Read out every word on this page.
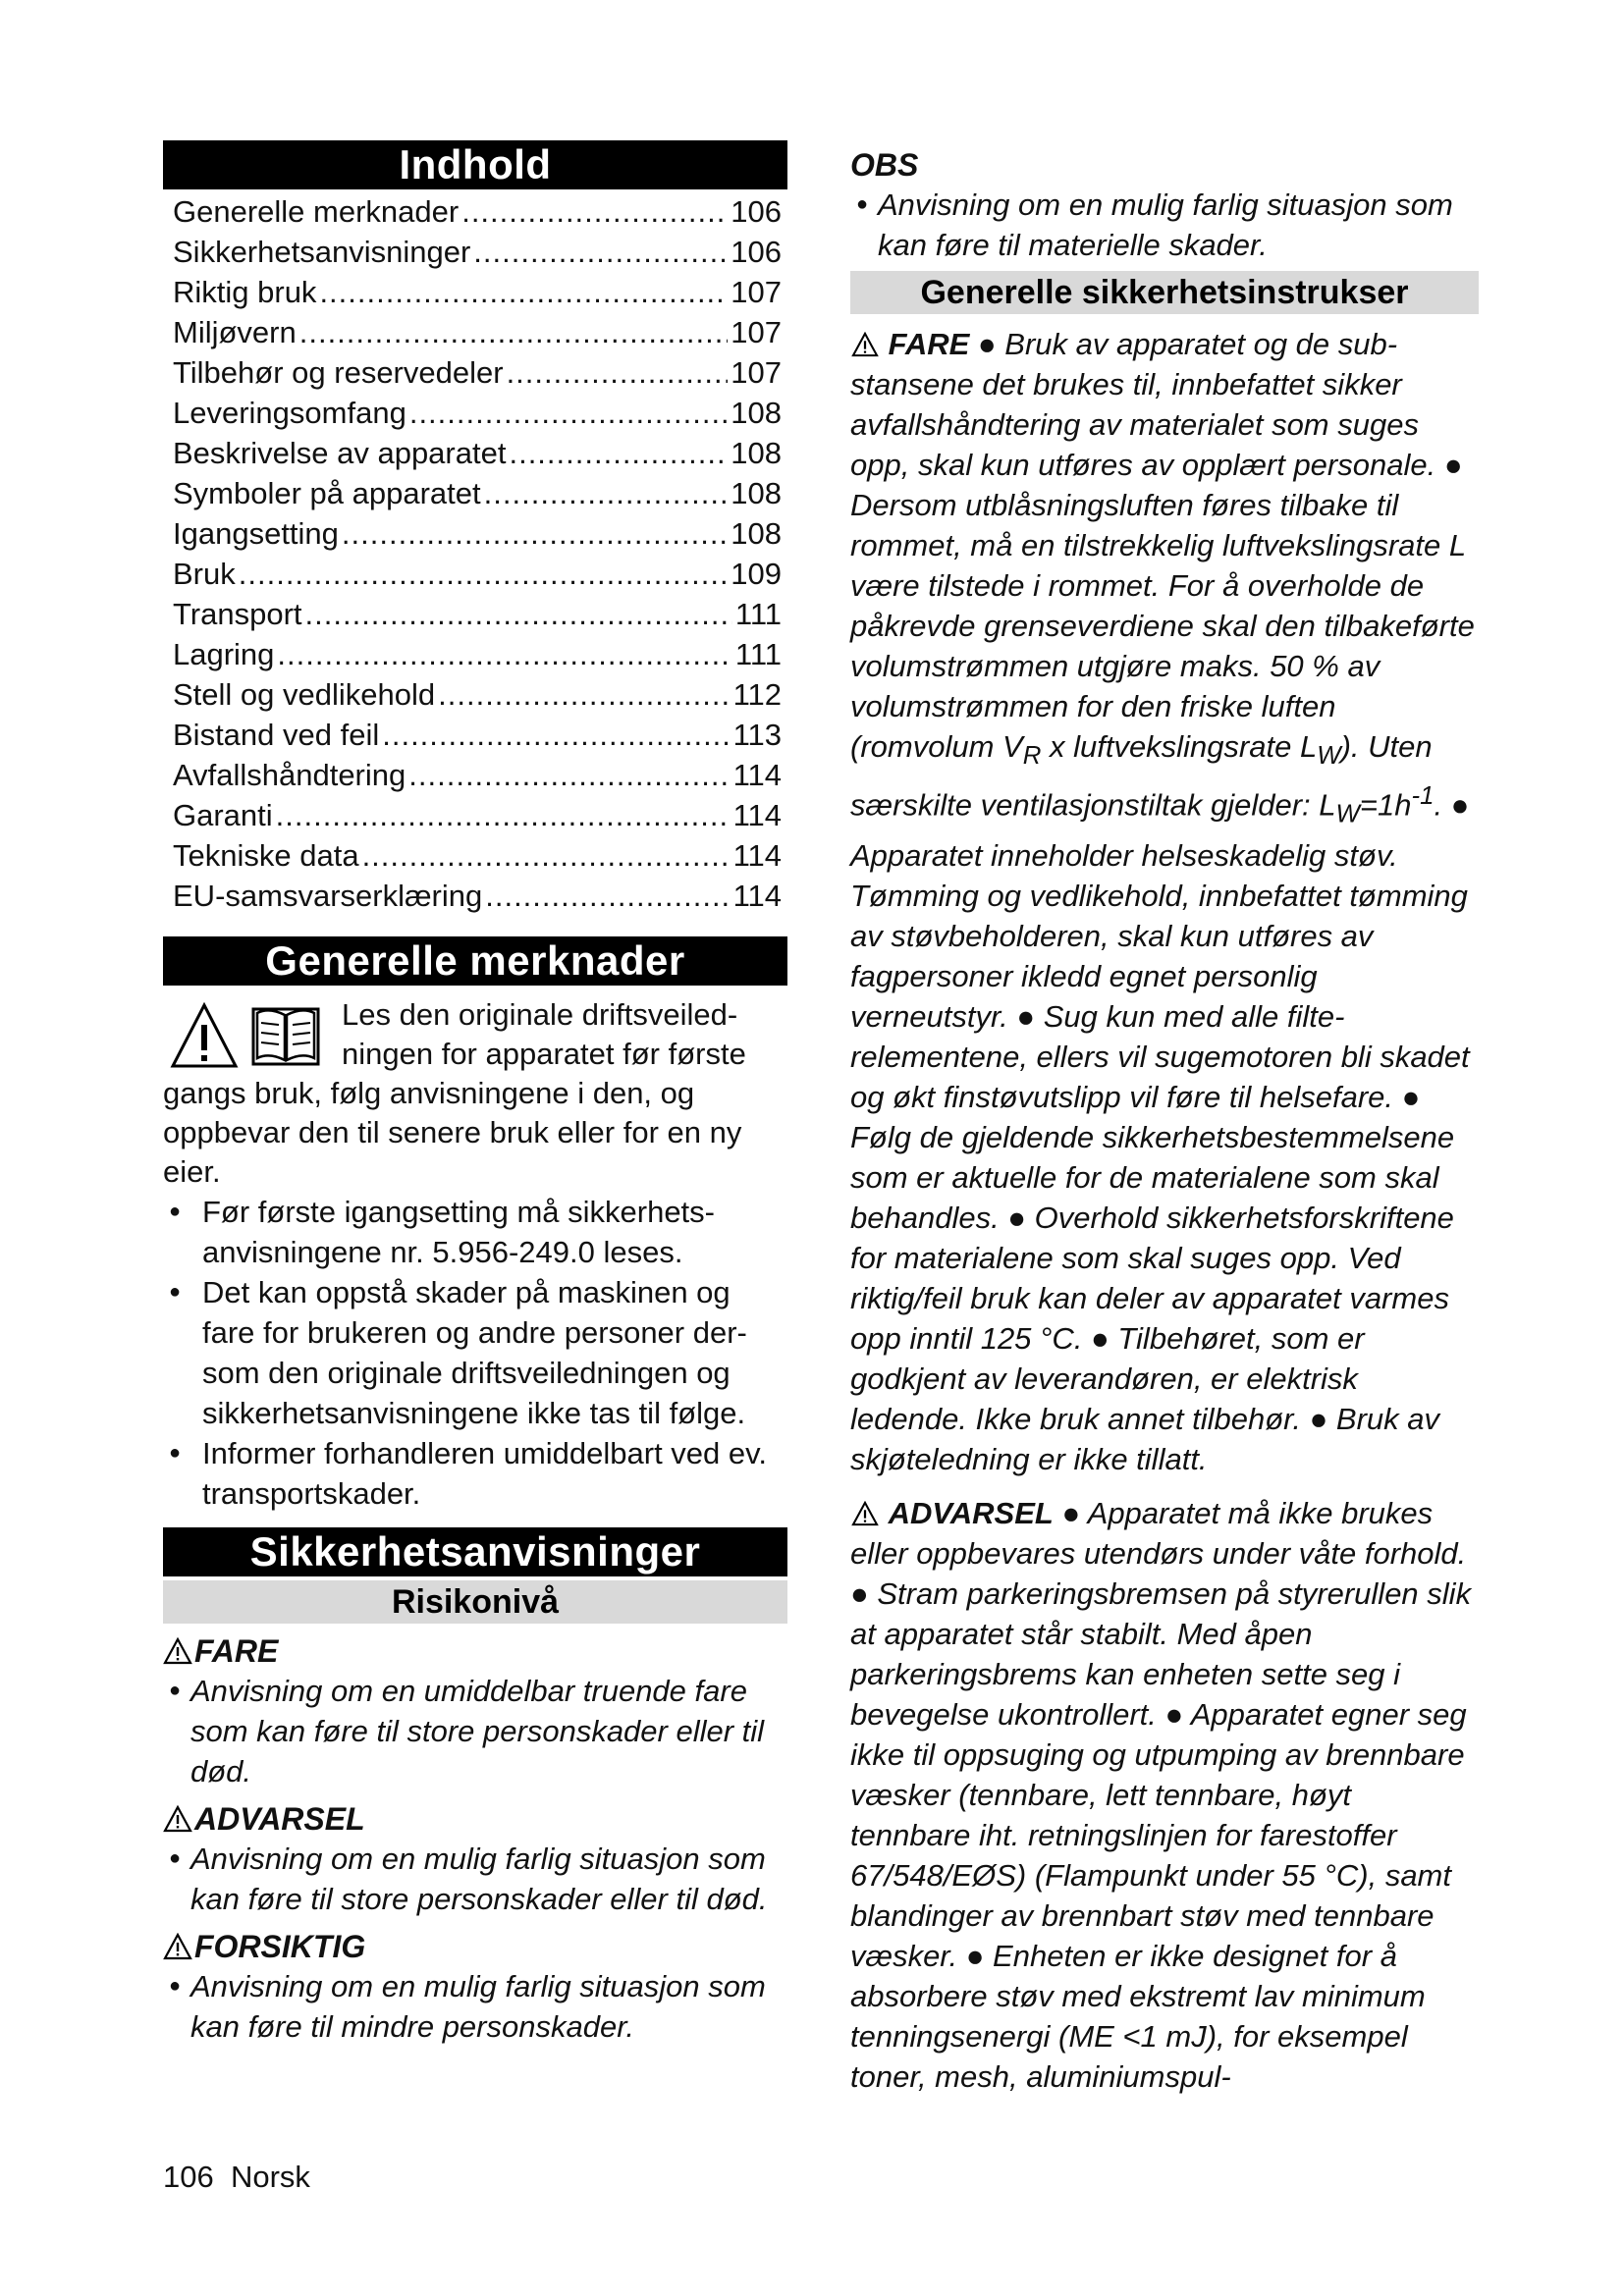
Indhold
Generelle merknader .....	106
Sikkerhetsanvisninger .....	106
Riktig bruk .....	107
Miljøvern .....	107
Tilbehør og reservedeler .....	107
Leveringsomfang .....	108
Beskrivelse av apparatet .....	108
Symboler på apparatet .....	108
Igangsetting .....	108
Bruk .....	109
Transport .....	111
Lagring .....	111
Stell og vedlikehold .....	112
Bistand ved feil .....	113
Avfallshåndtering .....	114
Garanti .....	114
Tekniske data .....	114
EU-samsvarserklæring .....	114
Generelle merknader
Les den originale driftsveiled-
ningen for apparatet før første
gangs bruk, følg anvisningene i den, og oppbevar den til senere bruk eller for en ny eier.
● Før første igangsetting må sikkerhetsanvisningene nr. 5.956-249.0 leses.
● Det kan oppstå skader på maskinen og fare for brukeren og andre personer dersom den originale driftsveiledningen og sikkerhetsanvisningene ikke tas til følge.
● Informer forhandleren umiddelbart ved ev. transportskader.
Sikkerhetsanvisninger
Risikonivå
FARE
● Anvisning om en umiddelbar truende fare som kan føre til store personskader eller til død.
ADVARSEL
● Anvisning om en mulig farlig situasjon som kan føre til store personskader eller til død.
FORSIKTIG
● Anvisning om en mulig farlig situasjon som kan føre til mindre personskader.
OBS
● Anvisning om en mulig farlig situasjon som kan føre til materielle skader.
Generelle sikkerhetsinstrukser
FARE ● Bruk av apparatet og de substansene det brukes til, innbefattet sikker avfallshåndtering av materialet som suges opp, skal kun utføres av opplært personale. ● Dersom utblåsningsluften føres tilbake til rommet, må en tilstrekkelig luftvekslingsrate L være tilstede i rommet. For å overholde de påkrevde grenseverdiene skal den tilbakeførte volumstrømmen utgjøre maks. 50 % av volumstrømmen for den friske luften (romvolum $V_R$ x luftvekslingsrate $L_W$). Uten særskilte ventilasjonstiltak gjelder: $L_W=1h^{-1}$. ● Apparatet inneholder helseskadelig støv. Tømming og vedlikehold, innbefattet tømming av støvbeholderen, skal kun utføres av fagpersoner ikledd egnet personlig verneutstyr. ● Sug kun med alle filterelementene, ellers vil sugemotoren bli skadet og økt finstøvutslipp vil føre til helsefare. ● Følg de gjeldende sikkerhetsbestemmelsene som er aktuelle for de materialene som skal behandles. ● Overhold sikkerhetsforskriftene for materialene som skal suges opp. Ved riktig/feil bruk kan deler av apparatet varmes opp inntil 125 °C. ● Tilbehøret, som er godkjent av leverandøren, er elektrisk ledende. Ikke bruk annet tilbehør. ● Bruk av skjøteledning er ikke tillatt.
ADVARSEL ● Apparatet må ikke brukes eller oppbevares utendørs under våte forhold. ● Stram parkeringsbremsen på styrerullen slik at apparatet står stabilt. Med åpen parkeringsbrems kan enheten sette seg i bevegelse ukontrollert. ● Apparatet egner seg ikke til oppsuging og utpumping av brennbare væsker (tennbare, lett tennbare, høyt tennbare iht. retningslinjen for farestoffer 67/548/EØS) (Flampunkt under 55 °C), samt blandinger av brennbart støv med tennbare væsker. ● Enheten er ikke designet for å absorbere støv med ekstremt lav minimum tenningsenergi (ME <1 mJ), for eksempel toner, mesh, aluminiumspul-
106 Norsk
